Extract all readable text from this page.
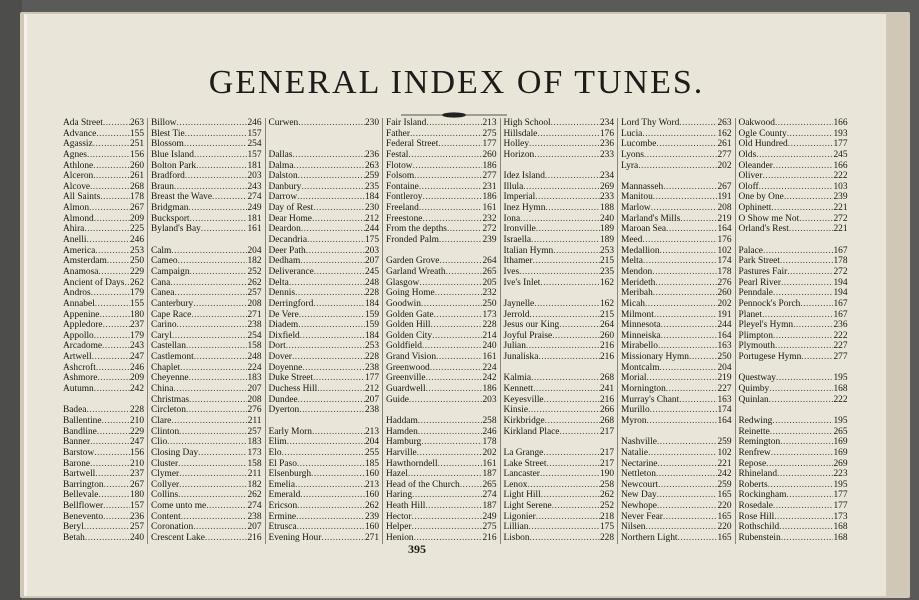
GENERAL INDEX OF TUNES.
Ada Street .....	263
Advance .....	155
Agassiz .....	251
Agnes .....	156
Athlone .....	260
Alceron .....	261
Alcove .....	268
All Saints .....	178
Almon .....	267
Almond .....	209
Ahira .....	225
Anelli .....	246
America .....	253
Amsterdam ..... 250
Anamosa .....	229
Ancient of Days ..... 262
Andros .....	179
Annabel .....	155
Appenine .....	180
Appledore .....	237
Appollo .....	179
Arcadome .....	243
Artwell .....	247
Ashcroft .....	246
Ashmore .....	209
Autumn .....	242
Badea .....	228
Ballentine .....	210
Bandline .....	229
Banner .....	247
Barstow .....	156
Barone .....	210
Bartwell .....	237
Barrington .....	267
Bellevale .....	180
Bellflower .....	157
Benevento .....	236
Beryl .....	257
Betah .....	240
.....
Billow .....	246
Blest Tie .....	157
Blossom .....	254
Blue Island .....	157
Bolton Park .....	181
Bradford .....	203
Braun .....	243
Breast the Wave .....	274
Bridgman .....	249
Bucksport .....	181
Byland's Bay .....	161
Calm .....	204
Cameo .....	182
Campaign .....	252
Cana .....	262
Canea .....	257
Canterbury .....	208
Cape Race .....	271
Carino .....	238
Caryl .....	254
Castellan .....	158
Castlemont .....	248
Chaplet .....	224
Cheyenne .....	183
China .....	207
Christmas .....	208
Circleton .....	276
Clare .....	211
Clinton .....	257
Clio .....	183
Closing Day .....	173
Cluster .....	158
Clymer .....	211
Collyer .....	182
Collins .....	262
Come unto me .....	274
Content .....	238
Coronation .....	207
Crescent Lake .....	216
.....
Curwen .....	230
Dallas .....	236
Dalma .....	263
Dalston .....	259
Danbury .....	235
Darrow .....	184
Day of Rest .....	230
Dear Home .....	212
Deardon .....	244
Decandria .....	175
Deer Path .....	203
Dedham .....	207
Deliverance .....	245
Delta .....	248
Dennis .....	228
Derringford .....	184
De Vere .....	159
Diadem .....	159
Dixfield .....	184
Dort .....	253
Dover .....	228
Doyenne .....	238
Duke Street .....	177
Duchess Hill .....	212
Dundee .....	207
Dyerton .....	238
Early Morn .....	213
Elim .....	204
Elo .....	255
El Paso .....	185
Elsenburgh .....	160
Emelia .....	213
Emerald .....	160
Ericson .....	262
Ermine .....	239
Etrusca .....	160
Evening Hour .....	271
.....
Fair Island .....	213
Father .....	275
Federal Street .....	177
Festal .....	260
Flotow .....	186
Folsom .....	277
Fontaine .....	231
Fontleroy .....	186
Freeland .....	161
Freestone .....	232
From the depths .....	272
Fronded Palm .....	239
Garden Grove .....	264
Garland Wreath .....	265
Glasgow .....	205
Going Home .....	232
Goodwin .....	250
Golden Gate .....	173
Golden Hill .....	228
Golden City .....	214
Goldfield .....	240
Grand Vision .....	161
Greenwood .....	224
Greenville .....	242
Guardwell .....	186
Guide .....	203
Haddam .....	258
Hamden .....	246
Hamburg .....	178
Harville .....	202
Hawthorndell .....	161
Hazel .....	187
Head of the Church ..... 265
Haring .....	274
Heath Hill .....	187
Hector .....	249
Helper .....	275
Henion .....	216
.....
High School .....	234
Hillsdale .....	176
Holley .....	236
Horizon .....	233
Idez Island .....	234
Illula .....	269
Imperial .....	233
Inez Hymn .....	188
Iona .....	240
Ironville .....	189
Israella .....	189
Italian Hymn .....	253
Ithamer .....	215
Ives .....	235
Ive's Inlet .....	162
Jaynelle .....	162
Jerrold .....	215
Jesus our King .....	264
Joyful Praise .....	260
Julian .....	216
Junaliska .....	216
Kalmia .....	268
Kennett .....	241
Keyesville .....	216
Kinsie .....	266
Kirkbridge .....	268
Kirkland Place .....	217
La Grange .....	217
Lake Street .....	217
Lancaster .....	190
Lenox .....	258
Light Hill .....	262
Light Serene .....	252
Ligonier .....	218
Lillian .....	175
Lisbon .....	228
.....
Lord Thy Word .....	263
Lucia .....	162
Lucombe .....	261
Lyons .....	277
Lyra .....	202
Mannasseh .....	267
Manitou .....	191
Marlow .....	208
Marland's Mills .....	219
Maroan Sea .....	164
Meed .....	176
Medallion .....	102
Melta .....	174
Mendon .....	178
Merideth .....	276
Meribah .....	260
Micah .....	202
Milmont .....	191
Minnesota .....	244
Minneiska .....	164
Mirabello .....	163
Missionary Hymn .....	250
Montcalm .....	204
Morial .....	219
Mornington .....	227
Murray's Chant .....	163
Murillo .....	174
Myron .....	164
Nashville .....	259
Natalie .....	102
Nectarine .....	221
Nettleton .....	242
Newcourt .....	259
New Day .....	165
Newhope .....	220
Never Fear .....	165
Nilsen .....	220
Northern Light .....	165
.....
Oakwood .....	166
Ogle County .....	193
Old Hundred .....	177
Olds .....	245
Oleander .....	166
Oliver .....	222
Oloff .....	103
One by One .....	239
Ophinett .....	221
O Show me Not .....	272
Orland's Rest .....	221
Palace .....	167
Park Street .....	178
Pastures Fair .....	272
Pearl River .....	194
Penndale .....	194
Pennock's Porch .....	167
Planet .....	167
Pleyel's Hymn .....	236
Plimpton .....	222
Plymouth .....	227
Portugese Hymn .....	277
Questway .....	195
Quimby .....	168
Quinlan .....	222
Redwing .....	195
Reinette .....	265
Remington .....	169
Renfrew .....	169
Repose .....	269
Rhineland .....	223
Roberts .....	195
Rockingham .....	177
Rosedale .....	177
Rose Hill .....	173
Rothschild .....	168
Rubenstein .....	168
.....
395
